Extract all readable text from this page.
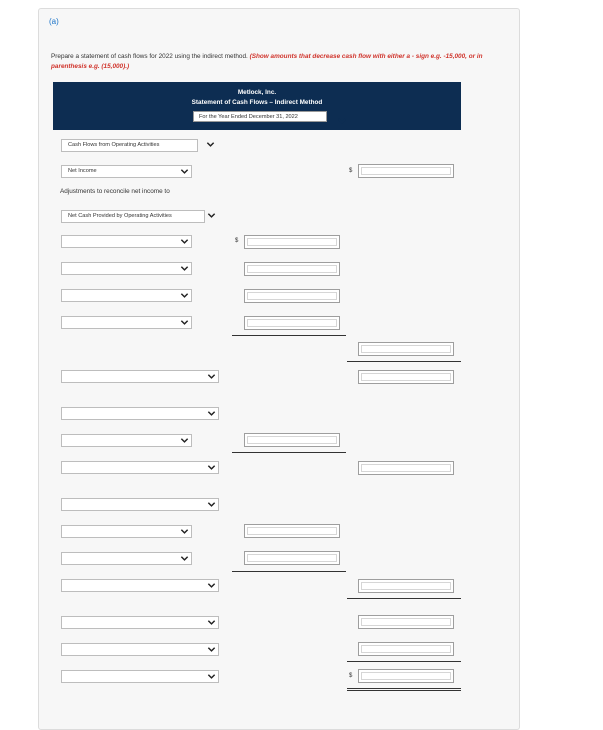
(a)
Prepare a statement of cash flows for 2022 using the indirect method. (Show amounts that decrease cash flow with either a - sign e.g. -15,000, or in parenthesis e.g. (15,000).)
Metlock, Inc.
Statement of Cash Flows – Indirect Method
For the Year Ended December 31, 2022
Cash Flows from Operating Activities
Net Income	$
Adjustments to reconcile net income to
Net Cash Provided by Operating Activities
$
$
